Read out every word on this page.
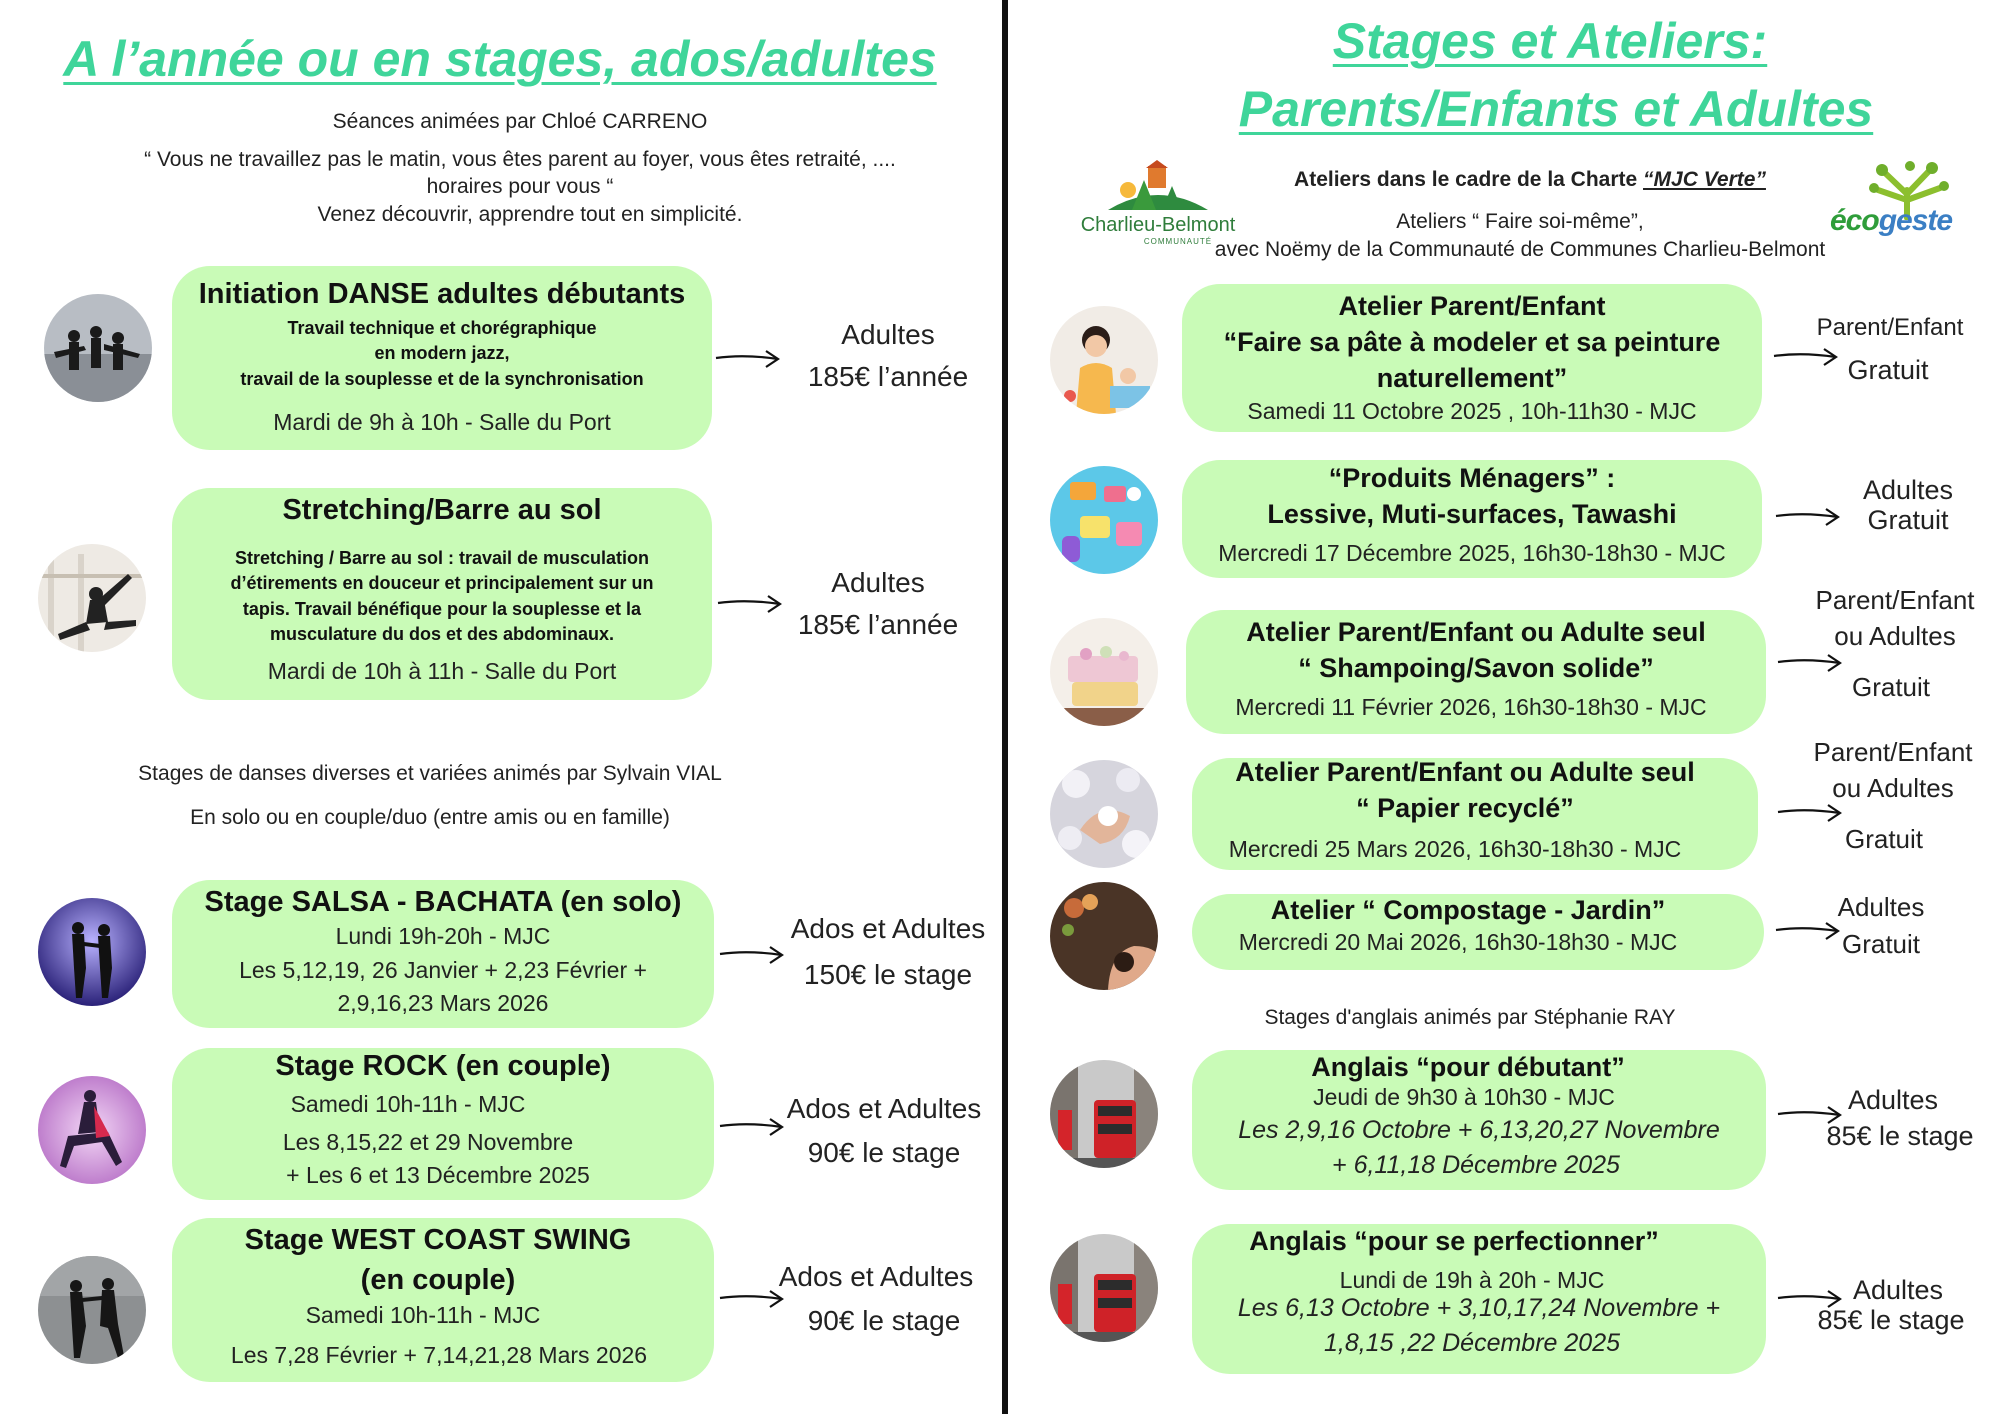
A l’année ou en stages, ados/adultes
Séances animées par Chloé CARRENO
“ Vous ne travaillez pas le matin, vous êtes parent au foyer, vous êtes retraité, ....
horaires pour vous “
Venez découvrir, apprendre tout en simplicité.
Initiation DANSE adultes débutants
Travail technique et chorégraphique
en modern jazz,
travail de la souplesse et de la synchronisation
Mardi de 9h à 10h - Salle du Port
Adultes
185€ l’année
Stretching/Barre au sol
Stretching / Barre au sol : travail de musculation
d’étirements en douceur et principalement sur un
tapis. Travail bénéfique pour la souplesse et la
musculature du dos et des abdominaux.
Mardi de 10h à 11h - Salle du Port
Adultes
185€ l’année
Stages de danses diverses et variées animés par Sylvain VIAL
En solo ou en couple/duo (entre amis ou en famille)
Stage SALSA - BACHATA (en solo)
Lundi 19h-20h - MJC
Les 5,12,19, 26 Janvier + 2,23 Février +
2,9,16,23 Mars 2026
Ados et Adultes
150€ le stage
Stage ROCK (en couple)
Samedi 10h-11h - MJC
Les 8,15,22 et 29 Novembre
+ Les 6 et 13 Décembre 2025
Ados et Adultes
90€ le stage
Stage WEST COAST SWING
(en couple)
Samedi 10h-11h - MJC
Les 7,28 Février + 7,14,21,28 Mars 2026
Ados et Adultes
90€ le stage
Stages et Ateliers:
Parents/Enfants et Adultes
Charlieu-Belmont
COMMUNAUTÉ
écogeste
Ateliers dans le cadre de la Charte “MJC Verte”
Ateliers “ Faire soi-même”,
avec Noëmy de la Communauté de Communes Charlieu-Belmont
Atelier Parent/Enfant
“Faire sa pâte à modeler et sa peinture
naturellement”
Samedi 11 Octobre 2025 , 10h-11h30 - MJC
Parent/Enfant
Gratuit
“Produits Ménagers” :
Lessive, Muti-surfaces, Tawashi
Mercredi 17 Décembre 2025, 16h30-18h30 - MJC
Adultes
Gratuit
Atelier Parent/Enfant ou Adulte seul
“ Shampoing/Savon solide”
Mercredi 11 Février 2026, 16h30-18h30 - MJC
Parent/Enfant
ou Adultes
Gratuit
Atelier Parent/Enfant ou Adulte seul
“ Papier recyclé”
Mercredi 25 Mars 2026, 16h30-18h30 - MJC
Parent/Enfant
ou Adultes
Gratuit
Atelier “ Compostage - Jardin”
Mercredi 20 Mai 2026, 16h30-18h30 - MJC
Adultes
Gratuit
Stages d'anglais animés par Stéphanie RAY
Anglais “pour débutant”
Jeudi de 9h30 à 10h30 - MJC
Les 2,9,16 Octobre + 6,13,20,27 Novembre
+ 6,11,18 Décembre 2025
Adultes
85€ le stage
Anglais “pour se perfectionner”
Lundi de 19h à 20h - MJC
Les 6,13 Octobre + 3,10,17,24 Novembre +
1,8,15 ,22 Décembre 2025
Adultes
85€ le stage
